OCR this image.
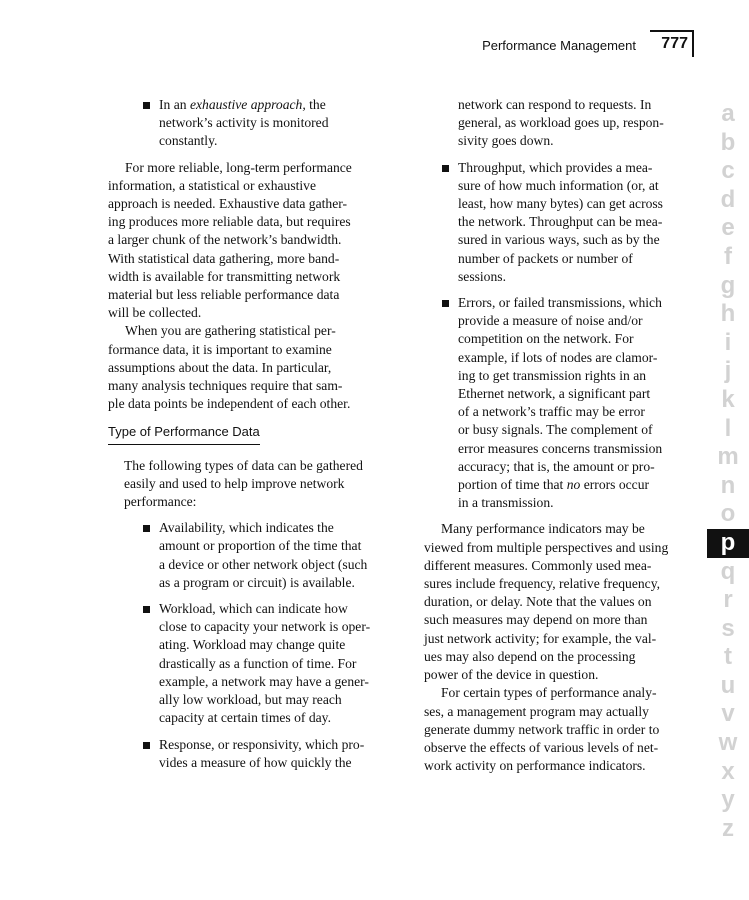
Performance Management 777
In an exhaustive approach, the
network’s activity is monitored
constantly.
For more reliable, long-term performance
information, a statistical or exhaustive
approach is needed. Exhaustive data gather-
ing produces more reliable data, but requires
a larger chunk of the network’s bandwidth.
With statistical data gathering, more band-
width is available for transmitting network
material but less reliable performance data
will be collected.
When you are gathering statistical per-
formance data, it is important to examine
assumptions about the data. In particular,
many analysis techniques require that sam-
ple data points be independent of each other.
Type of Performance Data
The following types of data can be gathered
easily and used to help improve network
performance:
Availability, which indicates the
amount or proportion of the time that
a device or other network object (such
as a program or circuit) is available.
Workload, which can indicate how
close to capacity your network is oper-
ating. Workload may change quite
drastically as a function of time. For
example, a network may have a gener-
ally low workload, but may reach
capacity at certain times of day.
Response, or responsivity, which pro-
vides a measure of how quickly the
network can respond to requests. In
general, as workload goes up, respon-
sivity goes down.
Throughput, which provides a mea-
sure of how much information (or, at
least, how many bytes) can get across
the network. Throughput can be mea-
sured in various ways, such as by the
number of packets or number of
sessions.
Errors, or failed transmissions, which
provide a measure of noise and/or
competition on the network. For
example, if lots of nodes are clamor-
ing to get transmission rights in an
Ethernet network, a significant part
of a network’s traffic may be error
or busy signals. The complement of
error measures concerns transmission
accuracy; that is, the amount or pro-
portion of time that no errors occur
in a transmission.
Many performance indicators may be
viewed from multiple perspectives and using
different measures. Commonly used mea-
sures include frequency, relative frequency,
duration, or delay. Note that the values on
such measures may depend on more than
just network activity; for example, the val-
ues may also depend on the processing
power of the device in question.
For certain types of performance analy-
ses, a management program may actually
generate dummy network traffic in order to
observe the effects of various levels of net-
work activity on performance indicators.
a
b
c
d
e
f
g
h
i
j
k
l
m
n
o
p
q
r
s
t
u
v
w
x
y
z
